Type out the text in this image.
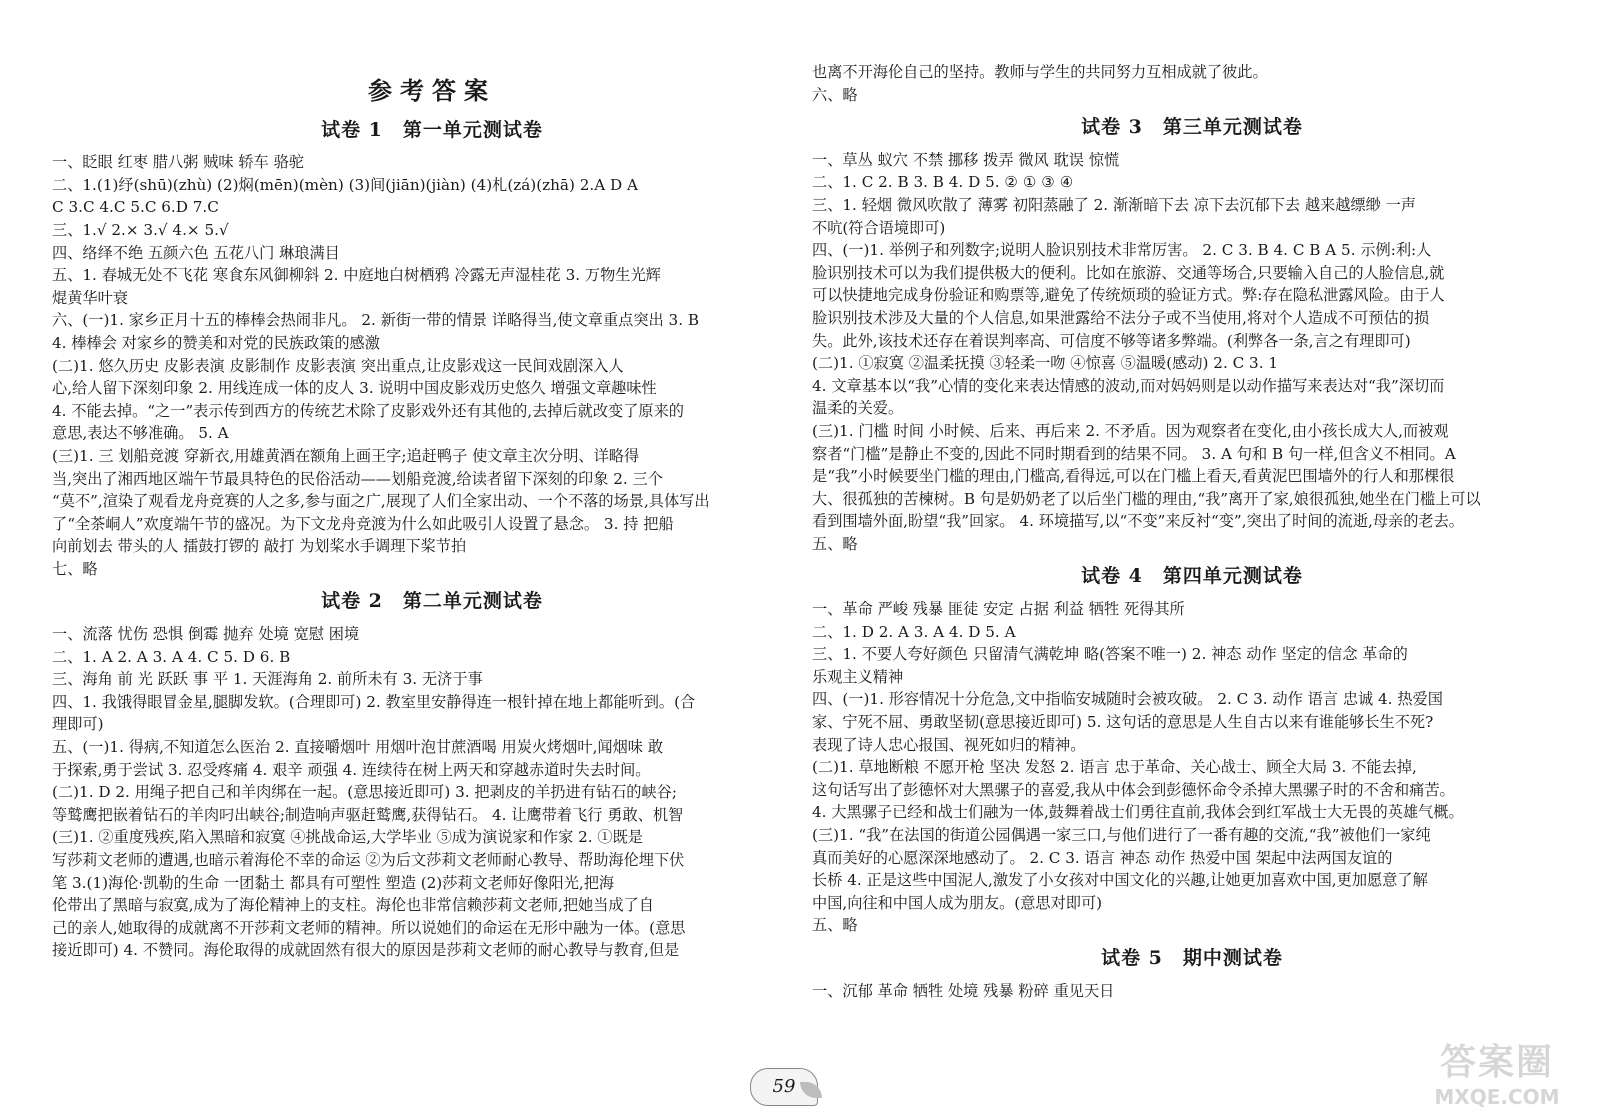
参考答案
试卷 1 第一单元测试卷
一、眨眼 红枣 腊八粥 贼味 轿车 骆驼
二、1.(1)纾(shū)(zhù) (2)焖(mēn)(mèn) (3)间(jiān)(jiàn) (4)札(zá)(zhā) 2.A D A
C 3.C 4.C 5.C 6.D 7.C
三、1.√ 2.× 3.√ 4.× 5.√
四、络绎不绝 五颜六色 五花八门 琳琅满目
五、1. 春城无处不飞花 寒食东风御柳斜 2. 中庭地白树栖鸦 冷露无声湿桂花 3. 万物生光辉
焜黄华叶衰
六、(一)1. 家乡正月十五的棒棒会热闹非凡。 2. 新街一带的情景 详略得当,使文章重点突出 3. B
4. 棒棒会 对家乡的赞美和对党的民族政策的感激
(二)1. 悠久历史 皮影表演 皮影制作 皮影表演 突出重点,让皮影戏这一民间戏剧深入人
心,给人留下深刻印象 2. 用线连成一体的皮人 3. 说明中国皮影戏历史悠久 增强文章趣味性
4. 不能去掉。“之一”表示传到西方的传统艺术除了皮影戏外还有其他的,去掉后就改变了原来的
意思,表达不够准确。 5. A
(三)1. 三 划船竞渡 穿新衣,用雄黄酒在额角上画王字;追赶鸭子 使文章主次分明、详略得
当,突出了湘西地区端午节最具特色的民俗活动——划船竞渡,给读者留下深刻的印象 2. 三个
“莫不”,渲染了观看龙舟竞赛的人之多,参与面之广,展现了人们全家出动、一个不落的场景,具体写出
了“全茶峒人”欢度端午节的盛况。为下文龙舟竞渡为什么如此吸引人设置了悬念。 3. 持 把船
向前划去 带头的人 擂鼓打锣的 敲打 为划桨水手调理下桨节拍
七、略
试卷 2 第二单元测试卷
一、流落 忧伤 恐惧 倒霉 抛弃 处境 宽慰 困境
二、1. A 2. A 3. A 4. C 5. D 6. B
三、海角 前 光 跃跃 事 平 1. 天涯海角 2. 前所未有 3. 无济于事
四、1. 我饿得眼冒金星,腿脚发软。(合理即可) 2. 教室里安静得连一根针掉在地上都能听到。(合
理即可)
五、(一)1. 得病,不知道怎么医治 2. 直接嚼烟叶 用烟叶泡甘蔗酒喝 用炭火烤烟叶,闻烟味 敢
于探索,勇于尝试 3. 忍受疼痛 4. 艰辛 顽强 4. 连续待在树上两天和穿越赤道时失去时间。
(二)1. D 2. 用绳子把自己和羊肉绑在一起。(意思接近即可) 3. 把剥皮的羊扔进有钻石的峡谷;
等鹫鹰把嵌着钻石的羊肉叼出峡谷;制造响声驱赶鹫鹰,获得钻石。 4. 让鹰带着飞行 勇敢、机智
(三)1. ②重度残疾,陷入黑暗和寂寞 ④挑战命运,大学毕业 ⑤成为演说家和作家 2. ①既是
写莎莉文老师的遭遇,也暗示着海伦不幸的命运 ②为后文莎莉文老师耐心教导、帮助海伦埋下伏
笔 3.(1)海伦·凯勒的生命 一团黏土 都具有可塑性 塑造 (2)莎莉文老师好像阳光,把海
伦带出了黑暗与寂寞,成为了海伦精神上的支柱。海伦也非常信赖莎莉文老师,把她当成了自
己的亲人,她取得的成就离不开莎莉文老师的精神。所以说她们的命运在无形中融为一体。(意思
接近即可) 4. 不赞同。海伦取得的成就固然有很大的原因是莎莉文老师的耐心教导与教育,但是
也离不开海伦自己的坚持。教师与学生的共同努力互相成就了彼此。
六、略
试卷 3 第三单元测试卷
一、草丛 蚁穴 不禁 挪移 拨弄 微风 耽误 惊慌
二、1. C 2. B 3. B 4. D 5. ② ① ③ ④
三、1. 轻烟 微风吹散了 薄雾 初阳蒸融了 2. 渐渐暗下去 凉下去沉郁下去 越来越缥缈 一声
不吭(符合语境即可)
四、(一)1. 举例子和列数字;说明人脸识别技术非常厉害。 2. C 3. B 4. C B A 5. 示例:利:人
脸识别技术可以为我们提供极大的便利。比如在旅游、交通等场合,只要输入自己的人脸信息,就
可以快捷地完成身份验证和购票等,避免了传统烦琐的验证方式。弊:存在隐私泄露风险。由于人
脸识别技术涉及大量的个人信息,如果泄露给不法分子或不当使用,将对个人造成不可预估的损
失。此外,该技术还存在着误判率高、可信度不够等诸多弊端。(利弊各一条,言之有理即可)
(二)1. ①寂寞 ②温柔抚摸 ③轻柔一吻 ④惊喜 ⑤温暖(感动) 2. C 3. 1
4. 文章基本以“我”心情的变化来表达情感的波动,而对妈妈则是以动作描写来表达对“我”深切而
温柔的关爱。
(三)1. 门槛 时间 小时候、后来、再后来 2. 不矛盾。因为观察者在变化,由小孩长成大人,而被观
察者“门槛”是静止不变的,因此不同时期看到的结果不同。 3. A 句和 B 句一样,但含义不相同。A
是“我”小时候要坐门槛的理由,门槛高,看得远,可以在门槛上看天,看黄泥巴围墙外的行人和那棵很
大、很孤独的苦楝树。B 句是奶奶老了以后坐门槛的理由,“我”离开了家,娘很孤独,她坐在门槛上可以
看到围墙外面,盼望“我”回家。 4. 环境描写,以“不变”来反衬“变”,突出了时间的流逝,母亲的老去。
五、略
试卷 4 第四单元测试卷
一、革命 严峻 残暴 匪徒 安定 占据 利益 牺牲 死得其所
二、1. D 2. A 3. A 4. D 5. A
三、1. 不要人夸好颜色 只留清气满乾坤 略(答案不唯一) 2. 神态 动作 坚定的信念 革命的
乐观主义精神
四、(一)1. 形容情况十分危急,文中指临安城随时会被攻破。 2. C 3. 动作 语言 忠诚 4. 热爱国
家、宁死不屈、勇敢坚韧(意思接近即可) 5. 这句话的意思是人生自古以来有谁能够长生不死?
表现了诗人忠心报国、视死如归的精神。
(二)1. 草地断粮 不愿开枪 坚决 发怒 2. 语言 忠于革命、关心战士、顾全大局 3. 不能去掉,
这句话写出了彭德怀对大黑骡子的喜爱,我从中体会到彭德怀命令杀掉大黑骡子时的不舍和痛苦。
4. 大黑骡子已经和战士们融为一体,鼓舞着战士们勇往直前,我体会到红军战士大无畏的英雄气概。
(三)1. “我”在法国的街道公园偶遇一家三口,与他们进行了一番有趣的交流,“我”被他们一家纯
真而美好的心愿深深地感动了。 2. C 3. 语言 神态 动作 热爱中国 架起中法两国友谊的
长桥 4. 正是这些中国泥人,激发了小女孩对中国文化的兴趣,让她更加喜欢中国,更加愿意了解
中国,向往和中国人成为朋友。(意思对即可)
五、略
试卷 5 期中测试卷
一、沉郁 革命 牺牲 处境 残暴 粉碎 重见天日
59
答案圈
MXQE.COM
